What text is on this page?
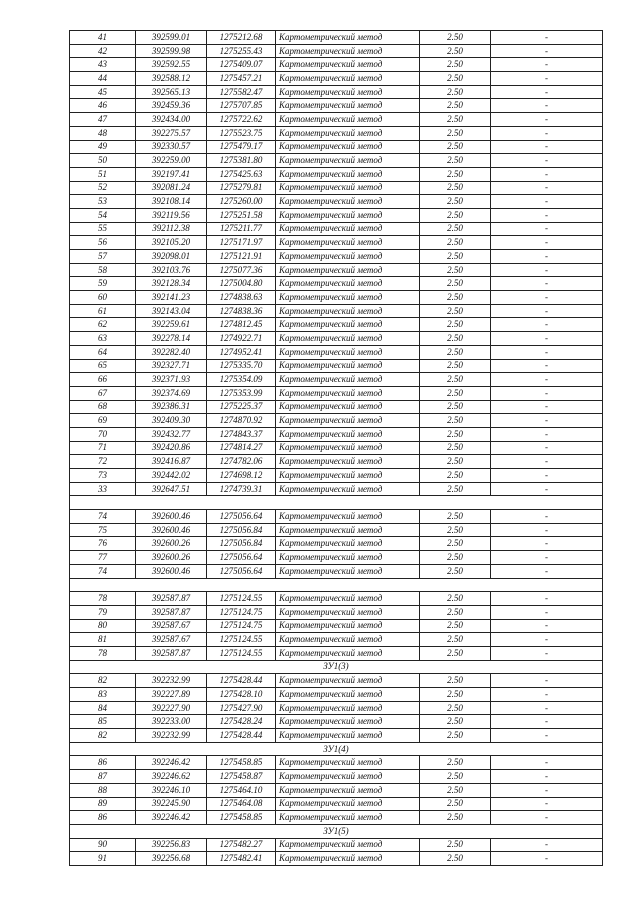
41	392599.01	1275212.68	Картометрический метод	2.50	-
42	392599.98	1275255.43	Картометрический метод	2.50	-
43	392592.55	1275409.07	Картометрический метод	2.50	-
44	392588.12	1275457.21	Картометрический метод	2.50	-
45	392565.13	1275582.47	Картометрический метод	2.50	-
46	392459.36	1275707.85	Картометрический метод	2.50	-
47	392434.00	1275722.62	Картометрический метод	2.50	-
48	392275.57	1275523.75	Картометрический метод	2.50	-
49	392330.57	1275479.17	Картометрический метод	2.50	-
50	392259.00	1275381.80	Картометрический метод	2.50	-
51	392197.41	1275425.63	Картометрический метод	2.50	-
52	392081.24	1275279.81	Картометрический метод	2.50	-
53	392108.14	1275260.00	Картометрический метод	2.50	-
54	392119.56	1275251.58	Картометрический метод	2.50	-
55	392112.38	1275211.77	Картометрический метод	2.50	-
56	392105.20	1275171.97	Картометрический метод	2.50	-
57	392098.01	1275121.91	Картометрический метод	2.50	-
58	392103.76	1275077.36	Картометрический метод	2.50	-
59	392128.34	1275004.80	Картометрический метод	2.50	-
60	392141.23	1274838.63	Картометрический метод	2.50	-
61	392143.04	1274838.36	Картометрический метод	2.50	-
62	392259.61	1274812.45	Картометрический метод	2.50	-
63	392278.14	1274922.71	Картометрический метод	2.50	-
64	392282.40	1274952.41	Картометрический метод	2.50	-
65	392327.71	1275335.70	Картометрический метод	2.50	-
66	392371.93	1275354.09	Картометрический метод	2.50	-
67	392374.69	1275353.99	Картометрический метод	2.50	-
68	392386.31	1275225.37	Картометрический метод	2.50	-
69	392409.30	1274870.92	Картометрический метод	2.50	-
70	392432.77	1274843.37	Картометрический метод	2.50	-
71	392420.86	1274814.27	Картометрический метод	2.50	-
72	392416.87	1274782.06	Картометрический метод	2.50	-
73	392442.02	1274698.12	Картометрический метод	2.50	-
33	392647.51	1274739.31	Картометрический метод	2.50	-

74	392600.46	1275056.64	Картометрический метод	2.50	-
75	392600.46	1275056.84	Картометрический метод	2.50	-
76	392600.26	1275056.84	Картометрический метод	2.50	-
77	392600.26	1275056.64	Картометрический метод	2.50	-
74	392600.46	1275056.64	Картометрический метод	2.50	-

78	392587.87	1275124.55	Картометрический метод	2.50	-
79	392587.87	1275124.75	Картометрический метод	2.50	-
80	392587.67	1275124.75	Картометрический метод	2.50	-
81	392587.67	1275124.55	Картометрический метод	2.50	-
78	392587.87	1275124.55	Картометрический метод	2.50	-
ЗУ1(3)					
82	392232.99	1275428.44	Картометрический метод	2.50	-
83	392227.89	1275428.10	Картометрический метод	2.50	-
84	392227.90	1275427.90	Картометрический метод	2.50	-
85	392233.00	1275428.24	Картометрический метод	2.50	-
82	392232.99	1275428.44	Картометрический метод	2.50	-
ЗУ1(4)					
86	392246.42	1275458.85	Картометрический метод	2.50	-
87	392246.62	1275458.87	Картометрический метод	2.50	-
88	392246.10	1275464.10	Картометрический метод	2.50	-
89	392245.90	1275464.08	Картометрический метод	2.50	-
86	392246.42	1275458.85	Картометрический метод	2.50	-
ЗУ1(5)					
90	392256.83	1275482.27	Картометрический метод	2.50	-
91	392256.68	1275482.41	Картометрический метод	2.50	-
